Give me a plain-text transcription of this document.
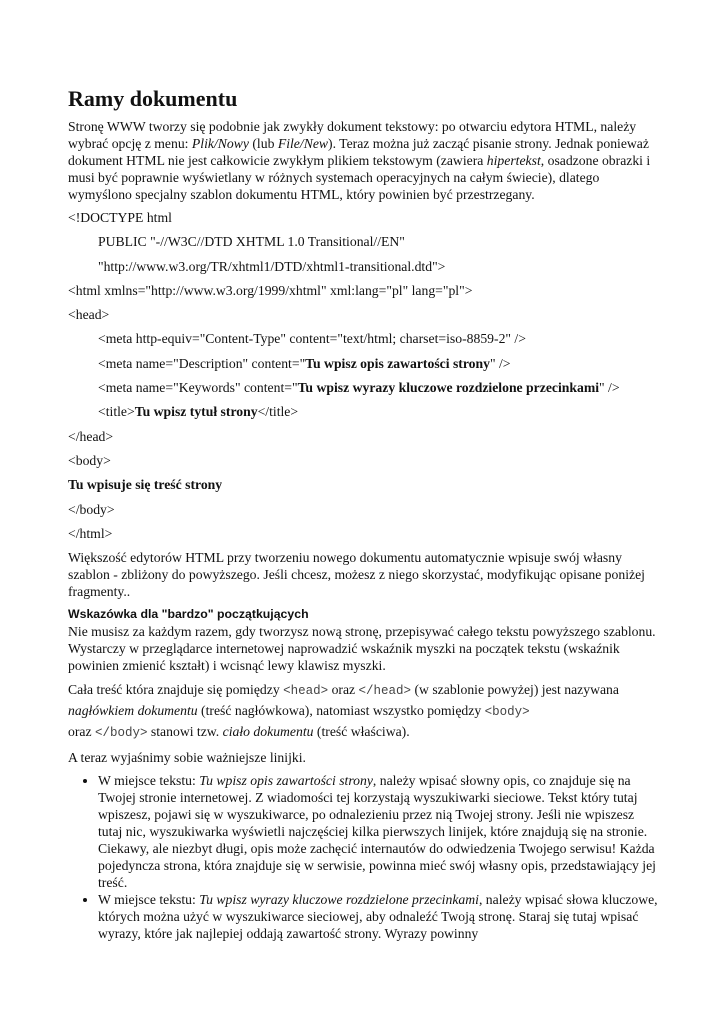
Ramy dokumentu

Stronę WWW tworzy się podobnie jak zwykły dokument tekstowy: po otwarciu edytora HTML, należy wybrać opcję z menu: Plik/Nowy (lub File/New). Teraz można już zacząć pisanie strony. Jednak ponieważ dokument HTML nie jest całkowicie zwykłym plikiem tekstowym (zawiera hipertekst, osadzone obrazki i musi być poprawnie wyświetlany w różnych systemach operacyjnych na całym świecie), dlatego wymyślono specjalny szablon dokumentu HTML, który powinien być przestrzegany.

<!DOCTYPE html

PUBLIC "-//W3C//DTD XHTML 1.0 Transitional//EN"

"http://www.w3.org/TR/xhtml1/DTD/xhtml1-transitional.dtd">

<html xmlns="http://www.w3.org/1999/xhtml" xml:lang="pl" lang="pl">

<head>

<meta http-equiv="Content-Type" content="text/html; charset=iso-8859-2" />

<meta name="Description" content="Tu wpisz opis zawartości strony" />

<meta name="Keywords" content="Tu wpisz wyrazy kluczowe rozdzielone przecinkami" />

<title>Tu wpisz tytuł strony</title>

</head>

<body>

Tu wpisuje się treść strony

</body>

</html>

Większość edytorów HTML przy tworzeniu nowego dokumentu automatycznie wpisuje swój własny szablon - zbliżony do powyższego. Jeśli chcesz, możesz z niego skorzystać, modyfikując opisane poniżej fragmenty..

Wskazówka dla "bardzo" początkujących

Nie musisz za każdym razem, gdy tworzysz nową stronę, przepisywać całego tekstu powyższego szablonu. Wystarczy w przeglądarce internetowej naprowadzić wskaźnik myszki na początek tekstu (wskaźnik powinien zmienić kształt) i wcisnąć lewy klawisz myszki.

Cała treść która znajduje się pomiędzy <head> oraz </head> (w szablonie powyżej) jest nazywana nagłówkiem dokumentu (treść nagłówkowa), natomiast wszystko pomiędzy <body>
oraz </body> stanowi tzw. ciało dokumentu (treść właściwa).

A teraz wyjaśnimy sobie ważniejsze linijki.

• W miejsce tekstu: Tu wpisz opis zawartości strony, należy wpisać słowny opis, co znajduje się na Twojej stronie internetowej. Z wiadomości tej korzystają wyszukiwarki sieciowe. Tekst który tutaj wpiszesz, pojawi się w wyszukiwarce, po odnalezieniu przez nią Twojej strony. Jeśli nie wpiszesz tutaj nic, wyszukiwarka wyświetli najczęściej kilka pierwszych linijek, które znajdują się na stronie. Ciekawy, ale niezbyt długi, opis może zachęcić internautów do odwiedzenia Twojego serwisu! Każda pojedyncza strona, która znajduje się w serwisie, powinna mieć swój własny opis, przedstawiający jej treść.
• W miejsce tekstu: Tu wpisz wyrazy kluczowe rozdzielone przecinkami, należy wpisać słowa kluczowe, których można użyć w wyszukiwarce sieciowej, aby odnaleźć Twoją stronę. Staraj się tutaj wpisać wyrazy, które jak najlepiej oddają zawartość strony. Wyrazy powinny
